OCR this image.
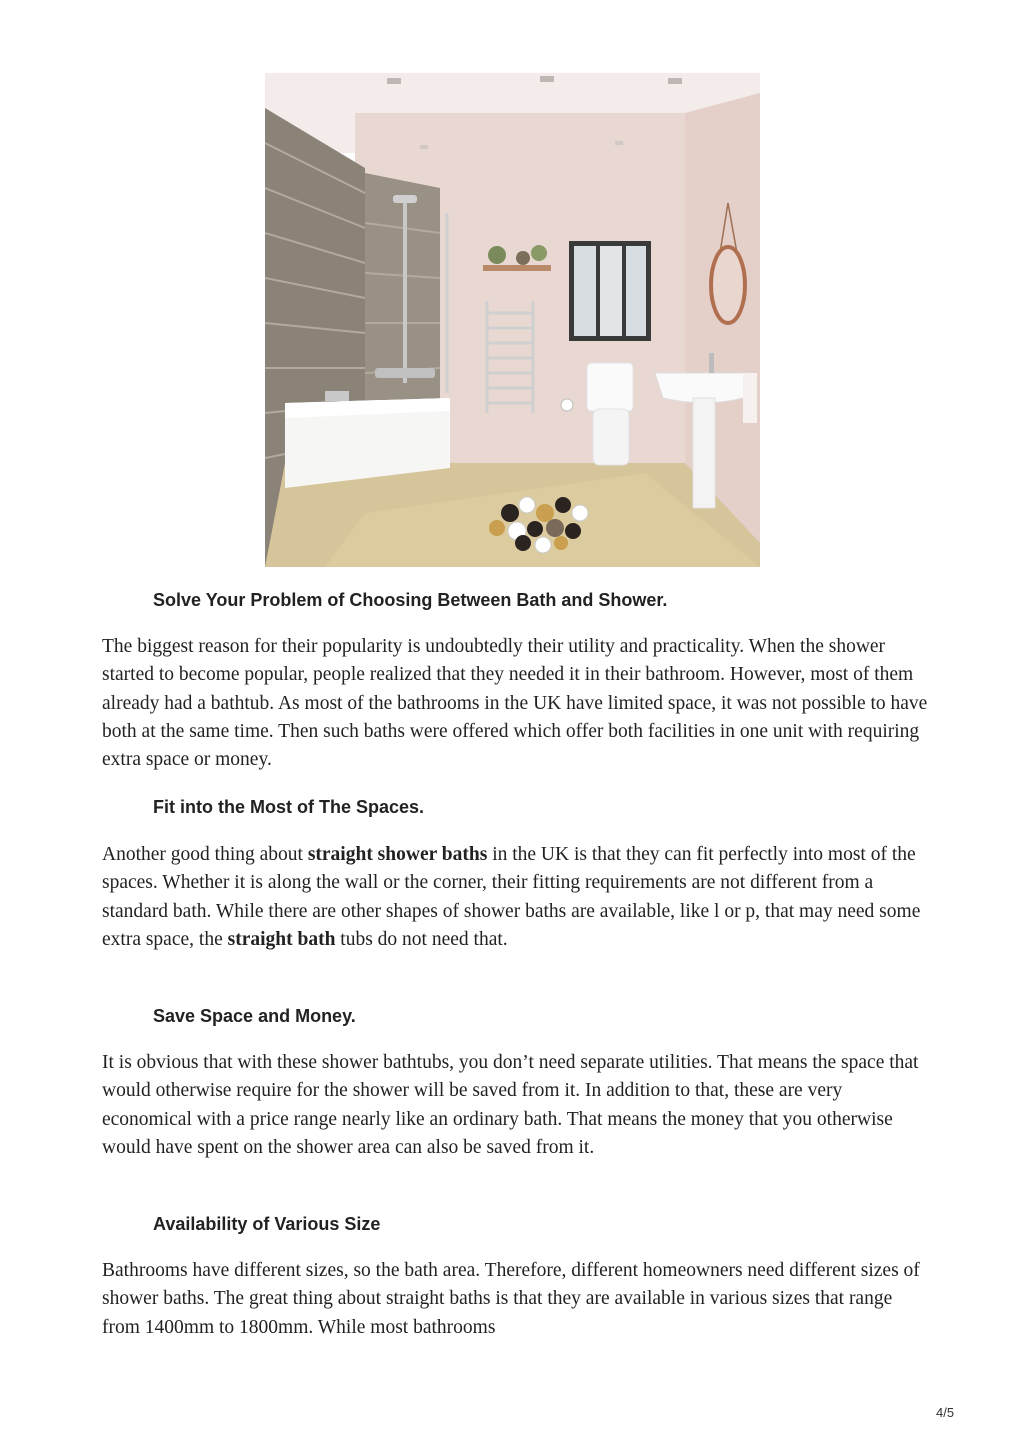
Solve Your Problem of Choosing Between Bath and Shower.

The biggest reason for their popularity is undoubtedly their utility and practicality. When the shower started to become popular, people realized that they needed it in their bathroom. However, most of them already had a bathtub. As most of the bathrooms in the UK have limited space, it was not possible to have both at the same time. Then such baths were offered which offer both facilities in one unit with requiring extra space or money.

Fit into the Most of The Spaces.

Another good thing about straight shower baths in the UK is that they can fit perfectly into most of the spaces. Whether it is along the wall or the corner, their fitting requirements are not different from a standard bath. While there are other shapes of shower baths are available, like l or p, that may need some extra space, the straight bath tubs do not need that.

Save Space and Money.

It is obvious that with these shower bathtubs, you don’t need separate utilities. That means the space that would otherwise require for the shower will be saved from it. In addition to that, these are very economical with a price range nearly like an ordinary bath. That means the money that you otherwise would have spent on the shower area can also be saved from it.

Availability of Various Size

Bathrooms have different sizes, so the bath area. Therefore, different homeowners need different sizes of shower baths. The great thing about straight baths is that they are available in various sizes that range from 1400mm to 1800mm. While most bathrooms

4/5
